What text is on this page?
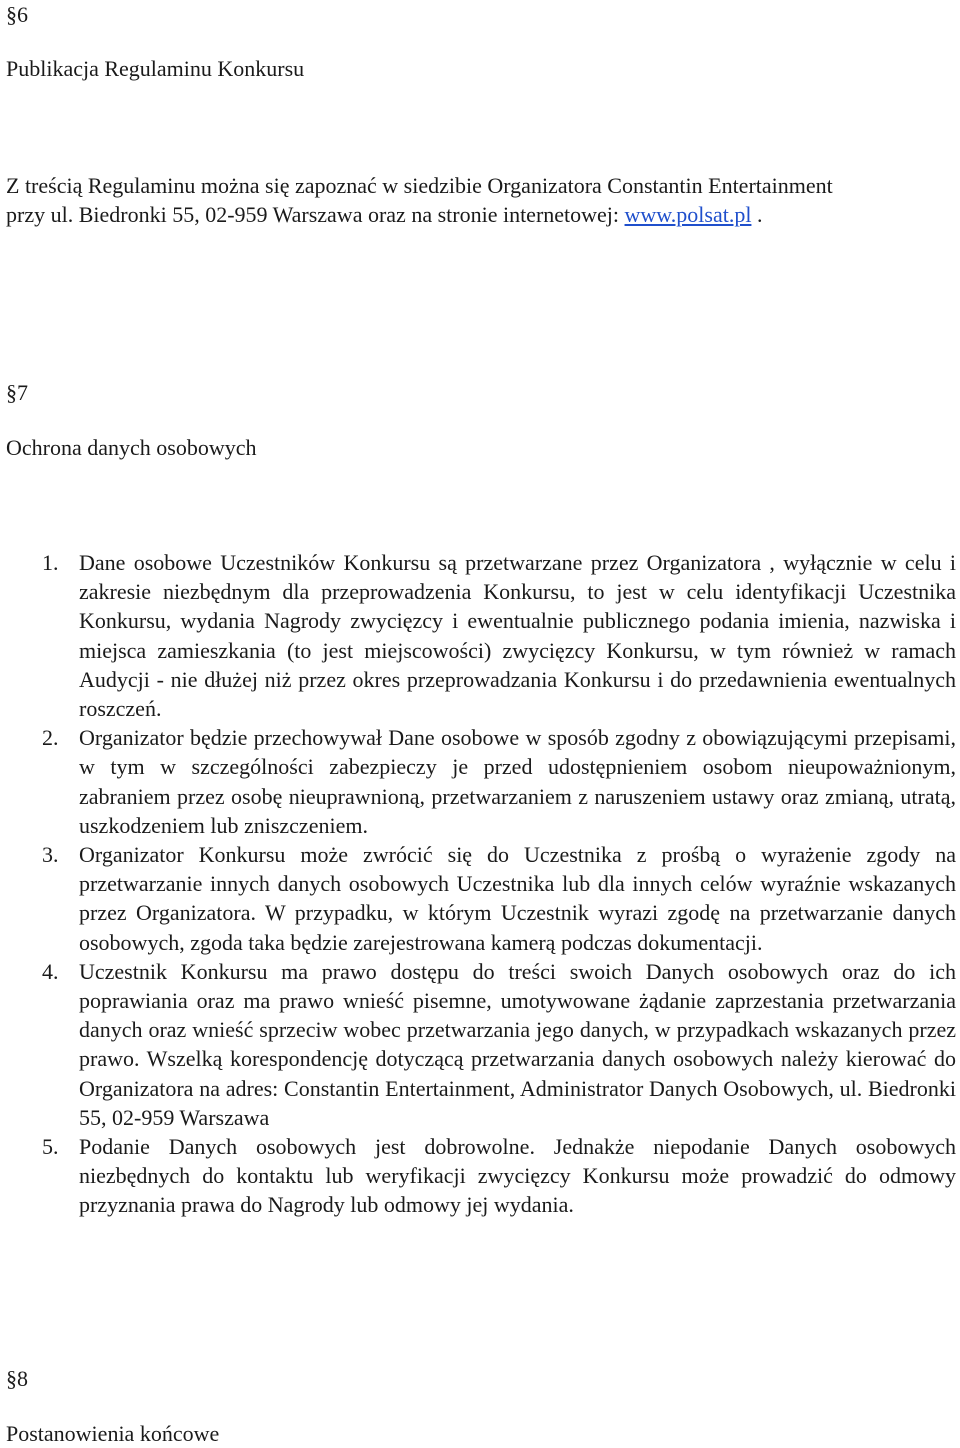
§6
Publikacja Regulaminu Konkursu
Z treścią Regulaminu można się zapoznać w siedzibie Organizatora Constantin Entertainment
przy ul. Biedronki 55, 02-959 Warszawa oraz na stronie internetowej: www.polsat.pl .
§7
Ochrona danych osobowych
1. Dane osobowe Uczestników Konkursu są przetwarzane przez Organizatora , wyłącznie w celu i zakresie niezbędnym dla przeprowadzenia Konkursu, to jest w celu identyfikacji Uczestnika Konkursu, wydania Nagrody zwycięzcy i ewentualnie publicznego podania imienia, nazwiska i miejsca zamieszkania (to jest miejscowości) zwycięzcy Konkursu, w tym również w ramach Audycji - nie dłużej niż przez okres przeprowadzania Konkursu i do przedawnienia ewentualnych roszczeń.
2. Organizator będzie przechowywał Dane osobowe w sposób zgodny z obowiązującymi przepisami, w tym w szczególności zabezpieczy je przed udostępnieniem osobom nieupoważnionym, zabraniem przez osobę nieuprawnioną, przetwarzaniem z naruszeniem ustawy oraz zmianą, utratą, uszkodzeniem lub zniszczeniem.
3. Organizator Konkursu może zwrócić się do Uczestnika z prośbą o wyrażenie zgody na przetwarzanie innych danych osobowych Uczestnika lub dla innych celów wyraźnie wskazanych przez Organizatora. W przypadku, w którym Uczestnik wyrazi zgodę na przetwarzanie danych osobowych, zgoda taka będzie zarejestrowana kamerą podczas dokumentacji.
4. Uczestnik Konkursu ma prawo dostępu do treści swoich Danych osobowych oraz do ich poprawiania oraz ma prawo wnieść pisemne, umotywowane żądanie zaprzestania przetwarzania danych oraz wnieść sprzeciw wobec przetwarzania jego danych, w przypadkach wskazanych przez prawo. Wszelką korespondencję dotyczącą przetwarzania danych osobowych należy kierować do Organizatora na adres: Constantin Entertainment, Administrator Danych Osobowych, ul. Biedronki 55, 02-959 Warszawa
5. Podanie Danych osobowych jest dobrowolne. Jednakże niepodanie Danych osobowych niezbędnych do kontaktu lub weryfikacji zwycięzcy Konkursu może prowadzić do odmowy przyznania prawa do Nagrody lub odmowy jej wydania.
§8
Postanowienia końcowe
